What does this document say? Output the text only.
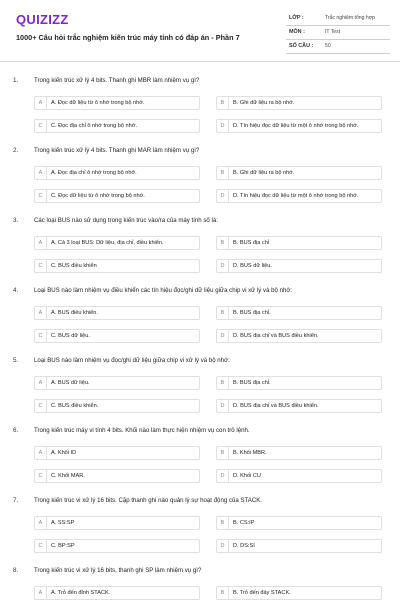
QUIZIZZ
1000+ Câu hỏi trắc nghiệm kiến trúc máy tính có đáp án - Phần 7
LỚP :	Trắc nghiệm tổng hợp
MÔN :	IT Test
SỐ CÂU : 50
1.	Trong kiến trúc xử lý 4 bits. Thanh ghi MBR làm nhiệm vụ gì?
A	A. Đọc dữ liệu từ ô nhớ trong bộ nhớ.	B	B. Ghi dữ liệu ra bộ nhớ.
C	C. Đọc địa chỉ ô nhớ trong bộ nhớ.	D	D. Tín hiệu đọc dữ liệu từ một ô nhớ trong bộ nhớ.
2.	Trong kiến trúc xử lý 4 bits. Thanh ghi MAR làm nhiệm vụ gì?
A	A. Đọc địa chỉ ô nhớ trong bộ nhớ.	B	B. Ghi dữ liệu ra bộ nhớ.
C	C. Đọc dữ liệu từ ô nhớ trong bộ nhớ.	D	D. Tín hiệu đọc dữ liệu từ một ô nhớ trong bộ nhớ.
3.	Các loại BUS nào sử dụng trong kiến trúc vào/ra của máy tính số là:
A	A. Cả 3 loại BUS: Dữ liệu, địa chỉ, điều khiển.	B	B. BUS địa chỉ
C	C. BUS điều khiển	D	D. BUS dữ liệu.
4.	Loại BUS nào làm nhiệm vụ điều khiển các tín hiệu đọc/ghi dữ liệu giữa chip vi xử lý và bộ nhớ:
A	A. BUS điều khiển.	B	B. BUS địa chỉ.
C	C. BUS dữ liệu.	D	D. BUS địa chỉ và BUS điều khiển.
5.	Loại BUS nào làm nhiệm vụ đọc/ghi dữ liệu giữa chip vi xử lý và bộ nhớ:
A	A. BUS dữ liệu.	B	B. BUS địa chỉ.
C	C. BUS điều khiển.	D	D. BUS địa chỉ và BUS điều khiển.
6.	Trong kiến trúc máy vi tính 4 bits. Khối nào làm thực hiện nhiệm vụ con trỏ lệnh.
A	A. Khối ID	B	B. Khối MBR.
C	C. Khối MAR.	D	D. Khối CU
7.	Trong kiến trúc vi xử lý 16 bits. Cặp thanh ghi nào quản lý sự hoạt động của STACK.
A	A. SS:SP	B	B. CS:IP
C	C. BP:SP	D	D. DS:SI
8.	Trong kiến trúc vi xử lý 16 bits, thanh ghi SP làm nhiệm vụ gì?
A	A. Trỏ đến đỉnh STACK.	B	B. Trỏ đến đáy STACK.
